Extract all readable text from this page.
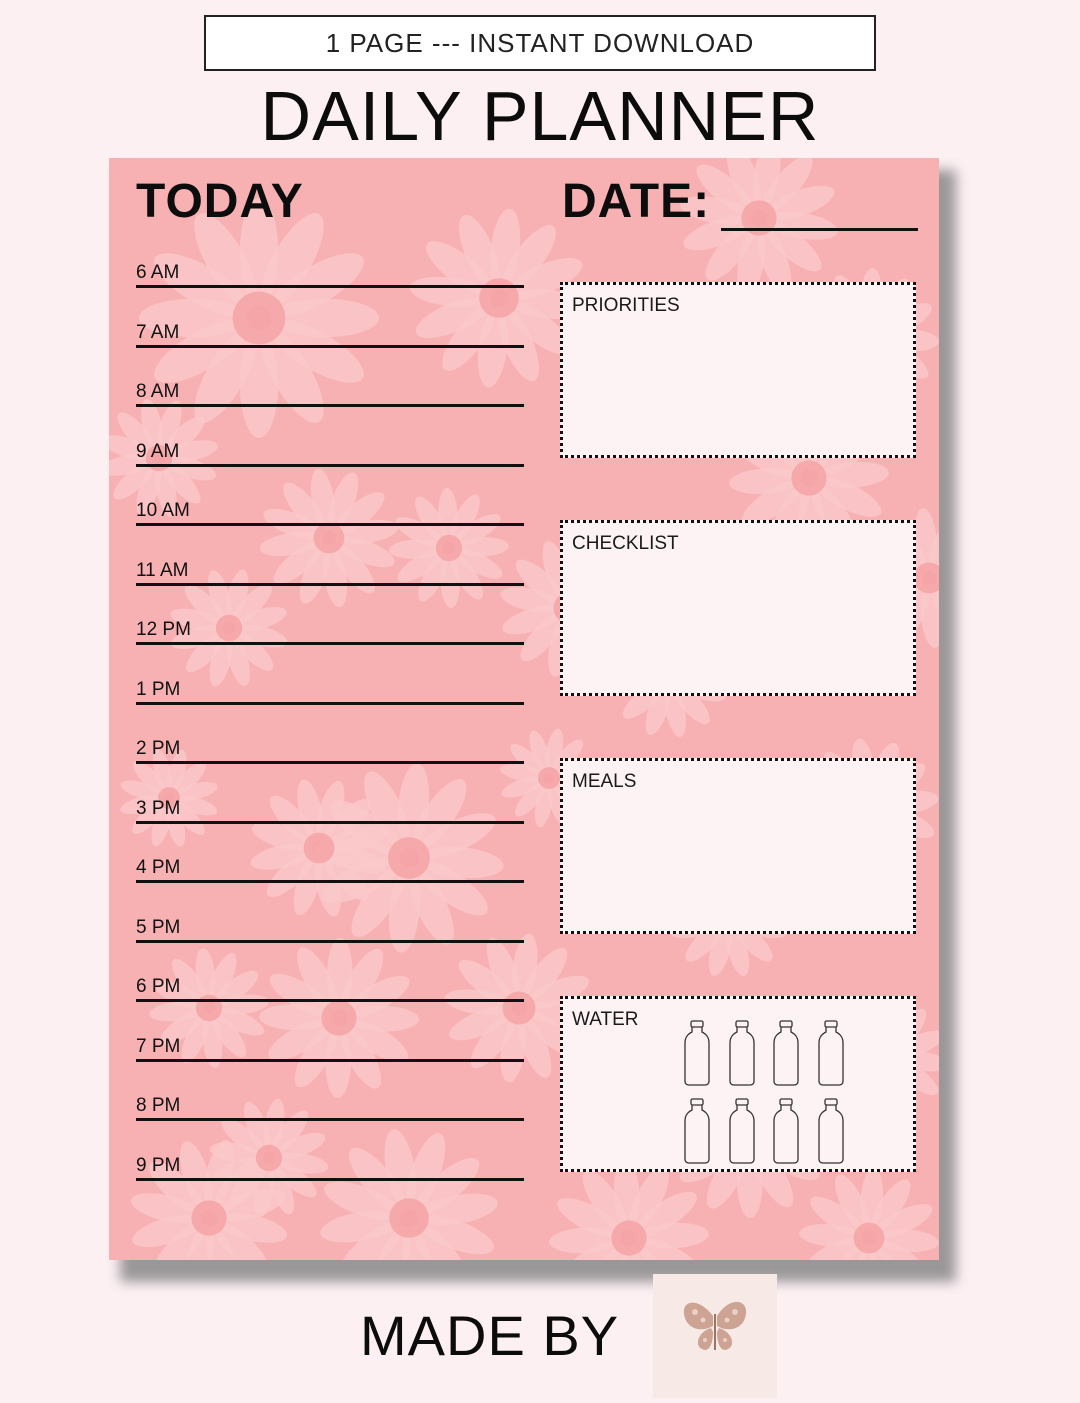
1 PAGE --- INSTANT DOWNLOAD
DAILY PLANNER
TODAY	DATE:
6 AM
7 AM
8 AM
9 AM
10 AM
11 AM
12 PM
1 PM
2 PM
3 PM
4 PM
5 PM
6 PM
7 PM
8 PM
9 PM
PRIORITIES
CHECKLIST
MEALS
WATER
MADE BY
